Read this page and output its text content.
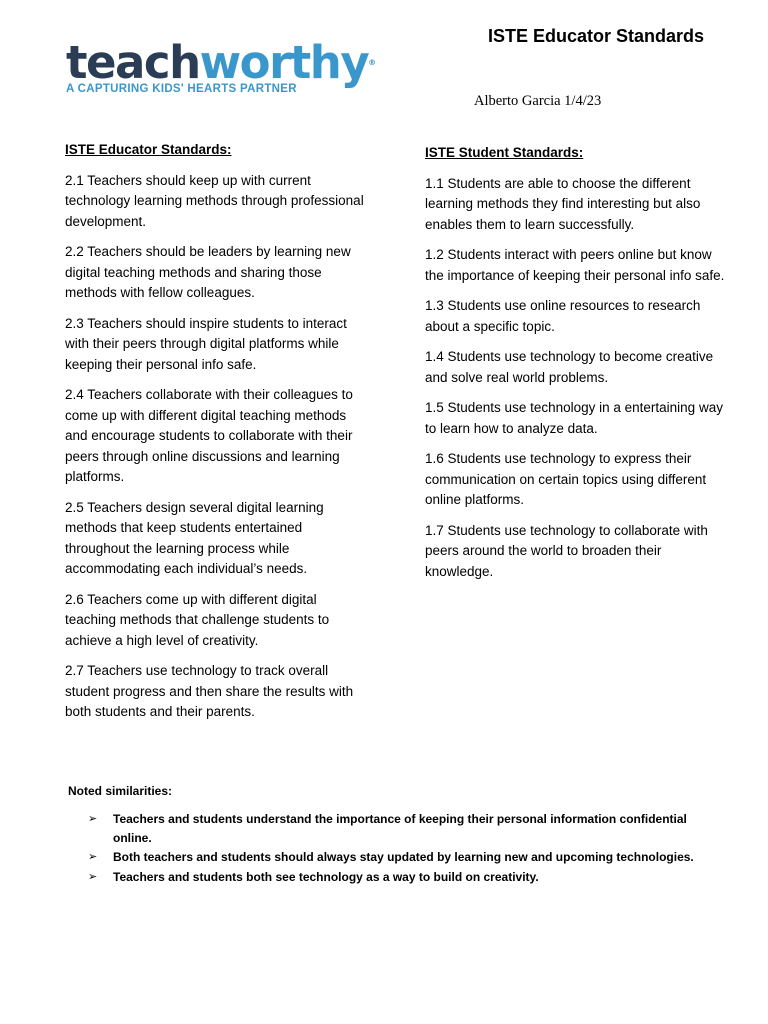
teachworthy®
A CAPTURING KIDS' HEARTS PARTNER
ISTE Educator Standards
Alberto Garcia 1/4/23

ISTE Educator Standards:

2.1 Teachers should keep up with current technology learning methods through professional development.

2.2 Teachers should be leaders by learning new digital teaching methods and sharing those methods with fellow colleagues.

2.3 Teachers should inspire students to interact with their peers through digital platforms while keeping their personal info safe.

2.4 Teachers collaborate with their colleagues to come up with different digital teaching methods and encourage students to collaborate with their peers through online discussions and learning platforms.

2.5 Teachers design several digital learning methods that keep students entertained throughout the learning process while accommodating each individual’s needs.

2.6 Teachers come up with different digital teaching methods that challenge students to achieve a high level of creativity.

2.7 Teachers use technology to track overall student progress and then share the results with both students and their parents.

ISTE Student Standards:

1.1 Students are able to choose the different learning methods they find interesting but also enables them to learn successfully.

1.2 Students interact with peers online but know the importance of keeping their personal info safe.

1.3 Students use online resources to research about a specific topic.

1.4 Students use technology to become creative and solve real world problems.

1.5 Students use technology in a entertaining way to learn how to analyze data.

1.6 Students use technology to express their communication on certain topics using different online platforms.

1.7 Students use technology to collaborate with peers around the world to broaden their knowledge.

Noted similarities:

➢ Teachers and students understand the importance of keeping their personal information confidential online.
➢ Both teachers and students should always stay updated by learning new and upcoming technologies.
➢ Teachers and students both see technology as a way to build on creativity.
